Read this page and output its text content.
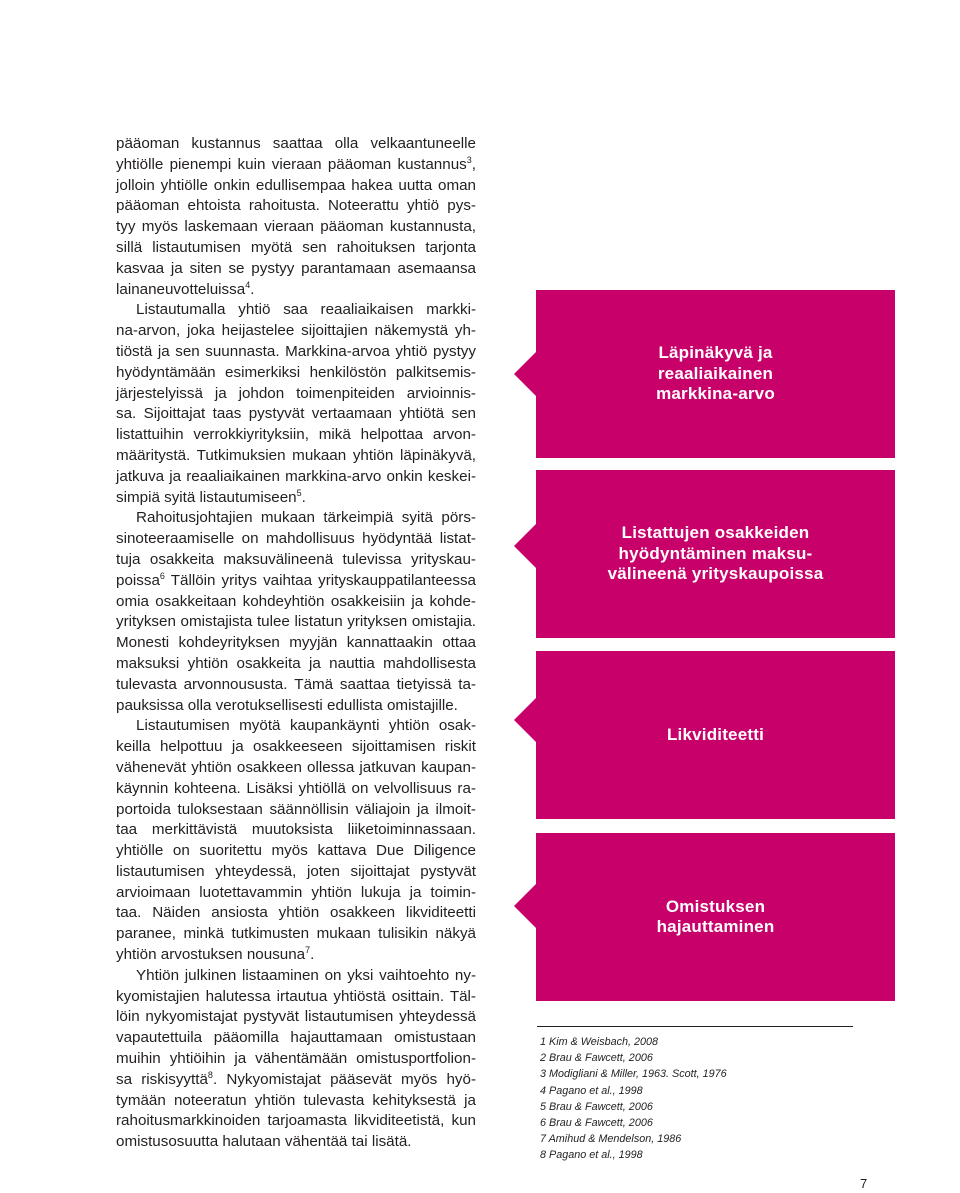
pääoman kustannus saattaa olla velkaantuneelle
yhtiölle pienempi kuin vieraan pääoman kustannus$^3$,
jolloin yhtiölle onkin edullisempaa hakea uutta oman
pääoman ehtoista rahoitusta. Noteerattu yhtiö pys-
tyy myös laskemaan vieraan pääoman kustannusta,
sillä listautumisen myötä sen rahoituksen tarjonta
kasvaa ja siten se pystyy parantamaan asemaansa
lainaneuvotteluissa$^4$.

Listautumalla yhtiö saa reaaliaikaisen markki-
na-arvon, joka heijastelee sijoittajien näkemystä yh-
tiöstä ja sen suunnasta. Markkina-arvoa yhtiö pystyy
hyödyntämään esimerkiksi henkilöstön palkitsemis-
järjestelyissä ja johdon toimenpiteiden arvioinnis-
sa. Sijoittajat taas pystyvät vertaamaan yhtiötä sen
listattuihin verrokkiyrityksiin, mikä helpottaa arvon-
määritystä. Tutkimuksien mukaan yhtiön läpinäkyvä,
jatkuva ja reaaliaikainen markkina-arvo onkin keskei-
simpiä syitä listautumiseen$^5$.

Rahoitusjohtajien mukaan tärkeimpiä syitä pörs-
sinoteeraamiselle on mahdollisuus hyödyntää listat-
tuja osakkeita maksuvälineenä tulevissa yrityskau-
poissa$^6$ Tällöin yritys vaihtaa yrityskauppatilanteessa
omia osakkeitaan kohdeyhtiön osakkeisiin ja kohde-
yrityksen omistajista tulee listatun yrityksen omistajia.
Monesti kohdeyrityksen myyjän kannattaakin ottaa
maksuksi yhtiön osakkeita ja nauttia mahdollisesta
tulevasta arvonnousustа. Tämä saattaa tietyissä ta-
pauksissa olla verotuksellisesti edullista omistajille.

Listautumisen myötä kaupankäynti yhtiön osak-
keilla helpottuu ja osakkeeseen sijoittamisen riskit
vähenevät yhtiön osakkeen ollessa jatkuvan kaupan-
käynnin kohteena. Lisäksi yhtiöllä on velvollisuus ra-
portoida tuloksestaan säännöllisin väliajoin ja ilmoit-
taa merkittävistä muutoksista liiketoiminnassaan.
yhtiölle on suoritettu myös kattava Due Diligence
listautumisen yhteydessä, joten sijoittajat pystyvät
arvioimaan luotettavammin yhtiön lukuja ja toimin-
taa. Näiden ansiosta yhtiön osakkeen likviditeetti
paranee, minkä tutkimusten mukaan tulisikin näkyä
yhtiön arvostuksen nousuna$^7$.

Yhtiön julkinen listaaminen on yksi vaihtoehto ny-
kyomistajien halutessa irtautua yhtiöstä osittain. Täl-
löin nykyomistajat pystyvät listautumisen yhteydessä
vapautettuila pääomilla hajauttamaan omistustaan
muihin yhtiöihin ja vähentämään omistusportfolion-
sa riskisyyttä$^8$. Nykyomistajat pääsevät myös hyö-
tymään noteeratun yhtiön tulevasta kehityksestä ja
rahoitusmarkkinoiden tarjoamasta likviditeetistä, kun
omistusosuutta halutaan vähentää tai lisätä.

Läpinäkyvä ja
reaaliaikainen
markkina-arvo
Listattujen osakkeiden
hyödyntäminen maksu-
välineenä yrityskaupoissa
Likviditeetti
Omistuksen
hajauttaminen
1 Kim & Weisbach, 2008
2 Brau & Fawcett, 2006
3 Modigliani & Miller, 1963. Scott, 1976
4 Pagano et al., 1998
5 Brau & Fawcett, 2006
6 Brau & Fawcett, 2006
7 Amihud & Mendelson, 1986
8 Pagano et al., 1998
7
